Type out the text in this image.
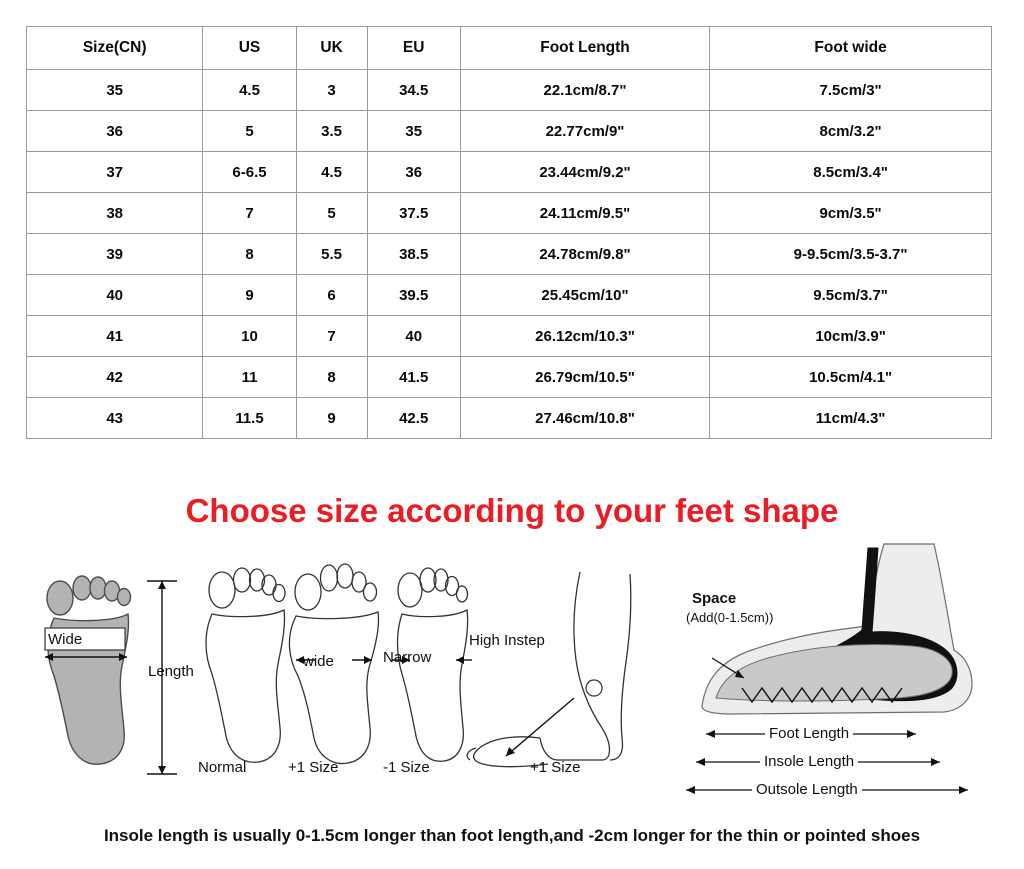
Size(CN)	US	UK	EU	Foot Length	Foot wide
35	4.5	3	34.5	22.1cm/8.7"	7.5cm/3"
36	5	3.5	35	22.77cm/9"	8cm/3.2"
37	6-6.5	4.5	36	23.44cm/9.2"	8.5cm/3.4"
38	7	5	37.5	24.11cm/9.5"	9cm/3.5"
39	8	5.5	38.5	24.78cm/9.8"	9-9.5cm/3.5-3.7"
40	9	6	39.5	25.45cm/10"	9.5cm/3.7"
41	10	7	40	26.12cm/10.3"	10cm/3.9"
42	11	8	41.5	26.79cm/10.5"	10.5cm/4.1"
43	11.5	9	42.5	27.46cm/10.8"	11cm/4.3"
Choose size according to your feet shape
Wide
Length
Normal
wide
+1 Size
Narrow
-1 Size
High Instep
+1 Size
Space
(Add(0-1.5cm))
Foot Length
Insole Length
Outsole Length
Insole length is usually 0-1.5cm longer than foot length,and -2cm longer for the thin or pointed shoes
